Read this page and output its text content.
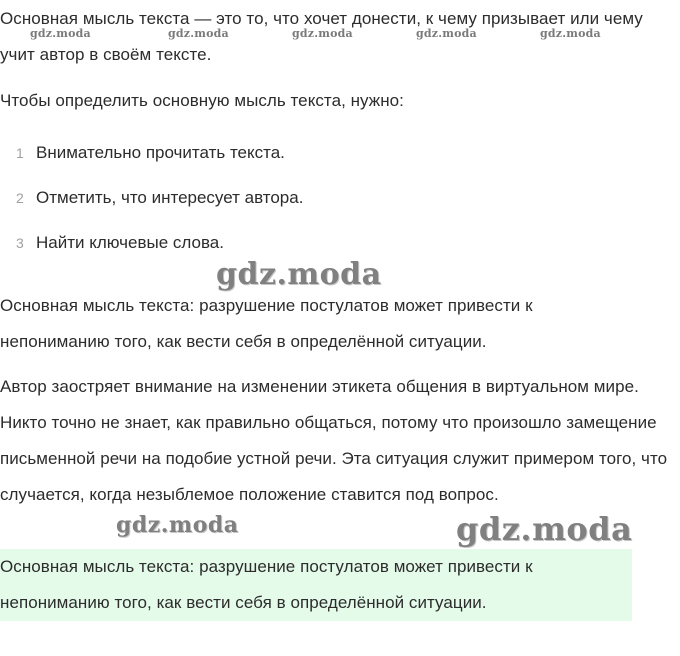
Основная мысль текста — это то, что хочет донести, к чему призывает или чему учит автор в своём тексте.

Чтобы определить основную мысль текста, нужно:

1 Внимательно прочитать текста.
2 Отметить, что интересует автора.
3 Найти ключевые слова.

Основная мысль текста: разрушение постулатов может привести к непониманию того, как вести себя в определённой ситуации.

Автор заостряет внимание на изменении этикета общения в виртуальном мире. Никто точно не знает, как правильно общаться, потому что произошло замещение письменной речи на подобие устной речи. Эта ситуация служит примером того, что случается, когда незыблемое положение ставится под вопрос.

Основная мысль текста: разрушение постулатов может привести к непониманию того, как вести себя в определённой ситуации.

gdz.moda	gdz.moda	gdz.moda	gdz.moda	gdz.moda
gdz.moda
gdz.moda	gdz.moda
